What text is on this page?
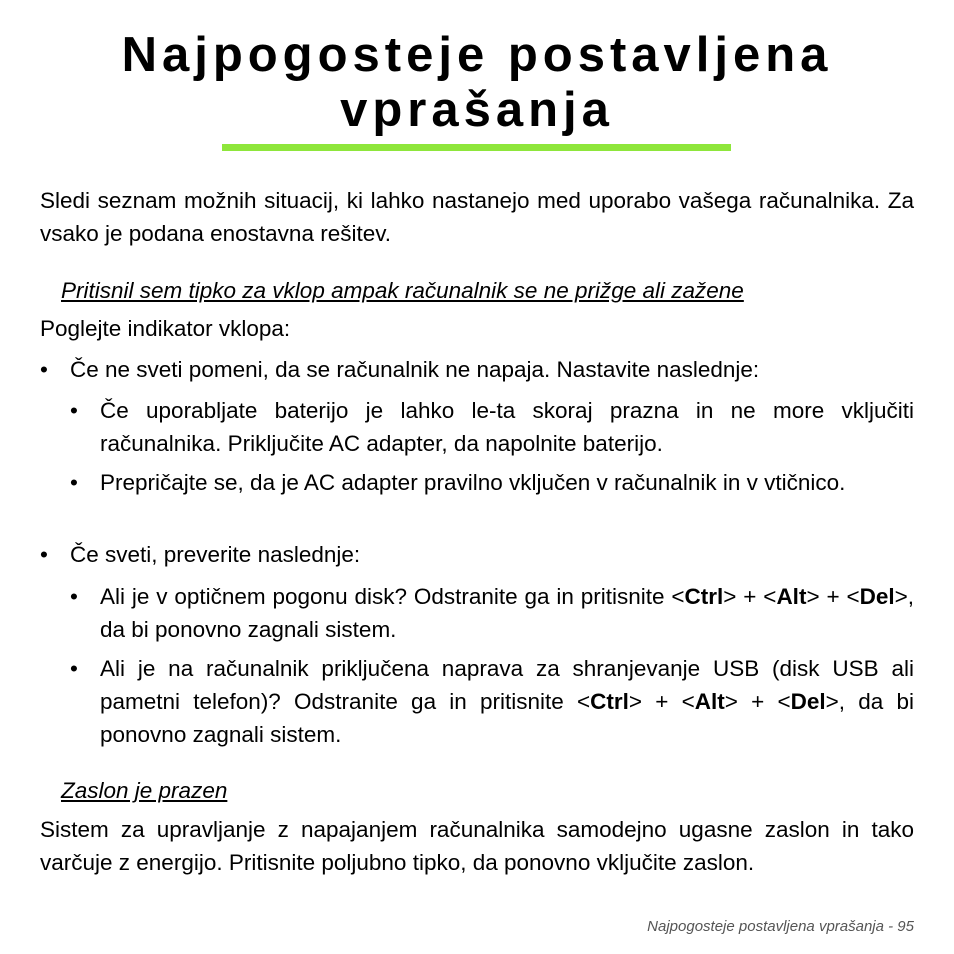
Najpogosteje postavljena
vprašanja

Sledi seznam možnih situacij, ki lahko nastanejo med uporabo vašega računalnika. Za vsako je podana enostavna rešitev.

Pritisnil sem tipko za vklop ampak računalnik se ne prižge ali zažene

Poglejte indikator vklopa:

• Če ne sveti pomeni, da se računalnik ne napaja. Nastavite naslednje:
• Če uporabljate baterijo je lahko le-ta skoraj prazna in ne more vključiti računalnika. Priključite AC adapter, da napolnite baterijo.
• Prepričajte se, da je AC adapter pravilno vključen v računalnik in v vtičnico.
• Če sveti, preverite naslednje:
• Ali je v optičnem pogonu disk? Odstranite ga in pritisnite <Ctrl> + <Alt> + <Del>, da bi ponovno zagnali sistem.
• Ali je na računalnik priključena naprava za shranjevanje USB (disk USB ali pametni telefon)? Odstranite ga in pritisnite <Ctrl> + <Alt> + <Del>, da bi ponovno zagnali sistem.

Zaslon je prazen

Sistem za upravljanje z napajanjem računalnika samodejno ugasne zaslon in tako varčuje z energijo. Pritisnite poljubno tipko, da ponovno vključite zaslon.

Najpogosteje postavljena vprašanja - 95
